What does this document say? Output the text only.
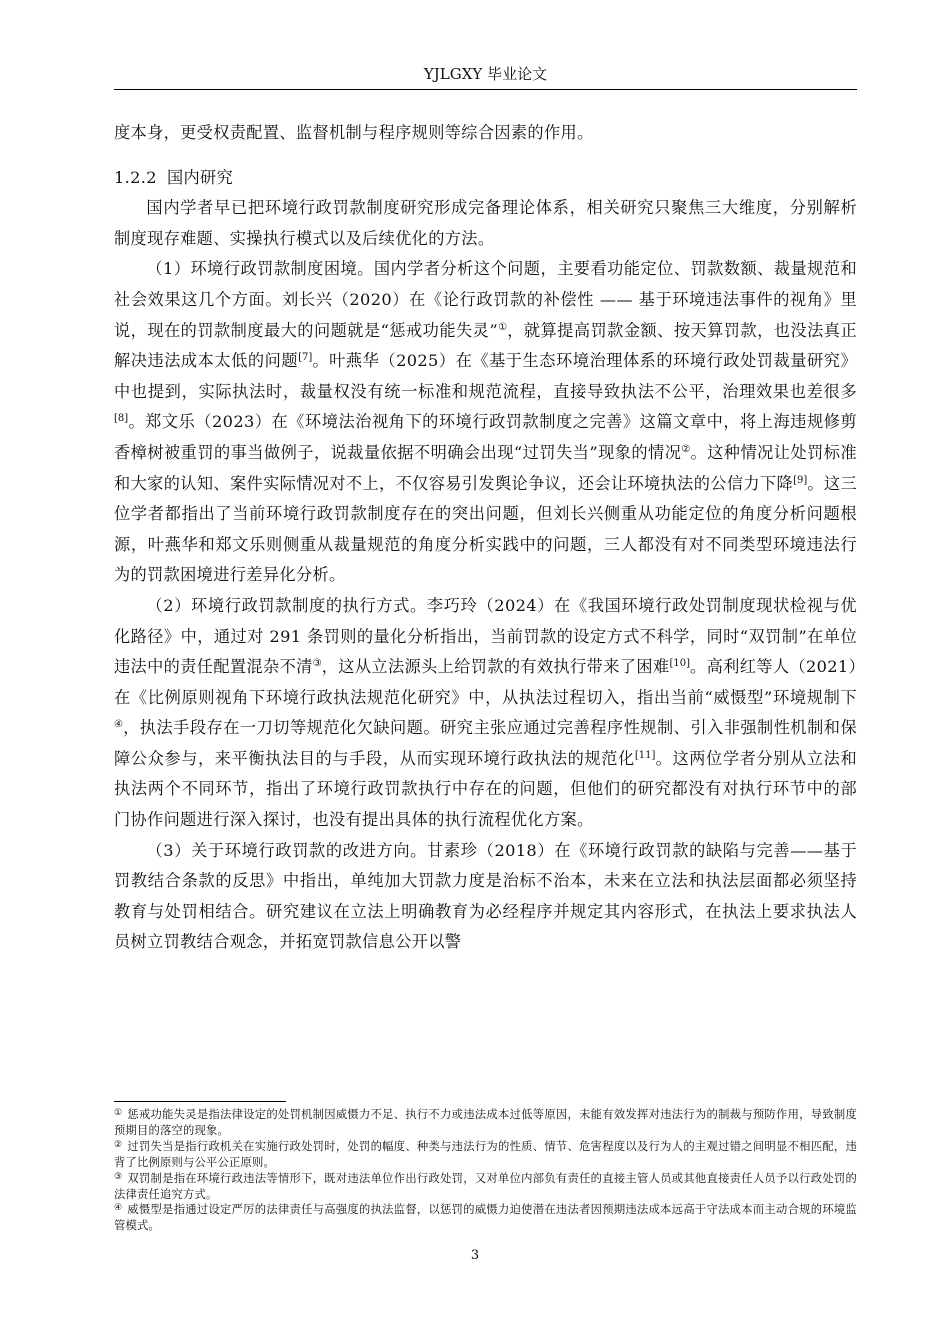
YJLGXY 毕业论文

度本身，更受权责配置、监督机制与程序规则等综合因素的作用。

1.2.2 国内研究

国内学者早已把环境行政罚款制度研究形成完备理论体系，相关研究只聚焦三大维度，分别解析制度现存难题、实操执行模式以及后续优化的方法。

（1）环境行政罚款制度困境。国内学者分析这个问题，主要看功能定位、罚款数额、裁量规范和社会效果这几个方面。刘长兴（2020）在《论行政罚款的补偿性 —— 基于环境违法事件的视角》里说，现在的罚款制度最大的问题就是“惩戒功能失灵”①，就算提高罚款金额、按天算罚款，也没法真正解决违法成本太低的问题[7]。叶燕华（2025）在《基于生态环境治理体系的环境行政处罚裁量研究》中也提到，实际执法时，裁量权没有统一标准和规范流程，直接导致执法不公平，治理效果也差很多[8]。郑文乐（2023）在《环境法治视角下的环境行政罚款制度之完善》这篇文章中，将上海违规修剪香樟树被重罚的事当做例子，说裁量依据不明确会出现“过罚失当”现象的情况②。这种情况让处罚标准和大家的认知、案件实际情况对不上，不仅容易引发舆论争议，还会让环境执法的公信力下降[9]。这三位学者都指出了当前环境行政罚款制度存在的突出问题，但刘长兴侧重从功能定位的角度分析问题根源，叶燕华和郑文乐则侧重从裁量规范的角度分析实践中的问题，三人都没有对不同类型环境违法行为的罚款困境进行差异化分析。

（2）环境行政罚款制度的执行方式。李巧玲（2024）在《我国环境行政处罚制度现状检视与优化路径》中，通过对 291 条罚则的量化分析指出，当前罚款的设定方式不科学，同时“双罚制”在单位违法中的责任配置混杂不清③，这从立法源头上给罚款的有效执行带来了困难[10]。高利红等人（2021）在《比例原则视角下环境行政执法规范化研究》中，从执法过程切入，指出当前“威慑型”环境规制下④，执法手段存在一刀切等规范化欠缺问题。研究主张应通过完善程序性规制、引入非强制性机制和保障公众参与，来平衡执法目的与手段，从而实现环境行政执法的规范化[11]。这两位学者分别从立法和执法两个不同环节，指出了环境行政罚款执行中存在的问题，但他们的研究都没有对执行环节中的部门协作问题进行深入探讨，也没有提出具体的执行流程优化方案。

（3）关于环境行政罚款的改进方向。甘素珍（2018）在《环境行政罚款的缺陷与完善——基于罚教结合条款的反思》中指出，单纯加大罚款力度是治标不治本，未来在立法和执法层面都必须坚持教育与处罚相结合。研究建议在立法上明确教育为必经程序并规定其内容形式，在执法上要求执法人员树立罚教结合观念，并拓宽罚款信息公开以警

① 惩戒功能失灵是指法律设定的处罚机制因威慑力不足、执行不力或违法成本过低等原因，未能有效发挥对违法行为的制裁与预防作用，导致制度预期目的落空的现象。

② 过罚失当是指行政机关在实施行政处罚时，处罚的幅度、种类与违法行为的性质、情节、危害程度以及行为人的主观过错之间明显不相匹配，违背了比例原则与公平公正原则。

③ 双罚制是指在环境行政违法等情形下，既对违法单位作出行政处罚，又对单位内部负有责任的直接主管人员或其他直接责任人员予以行政处罚的法律责任追究方式。

④ 威慑型是指通过设定严厉的法律责任与高强度的执法监督，以惩罚的威慑力迫使潜在违法者因预期违法成本远高于守法成本而主动合规的环境监管模式。

3
